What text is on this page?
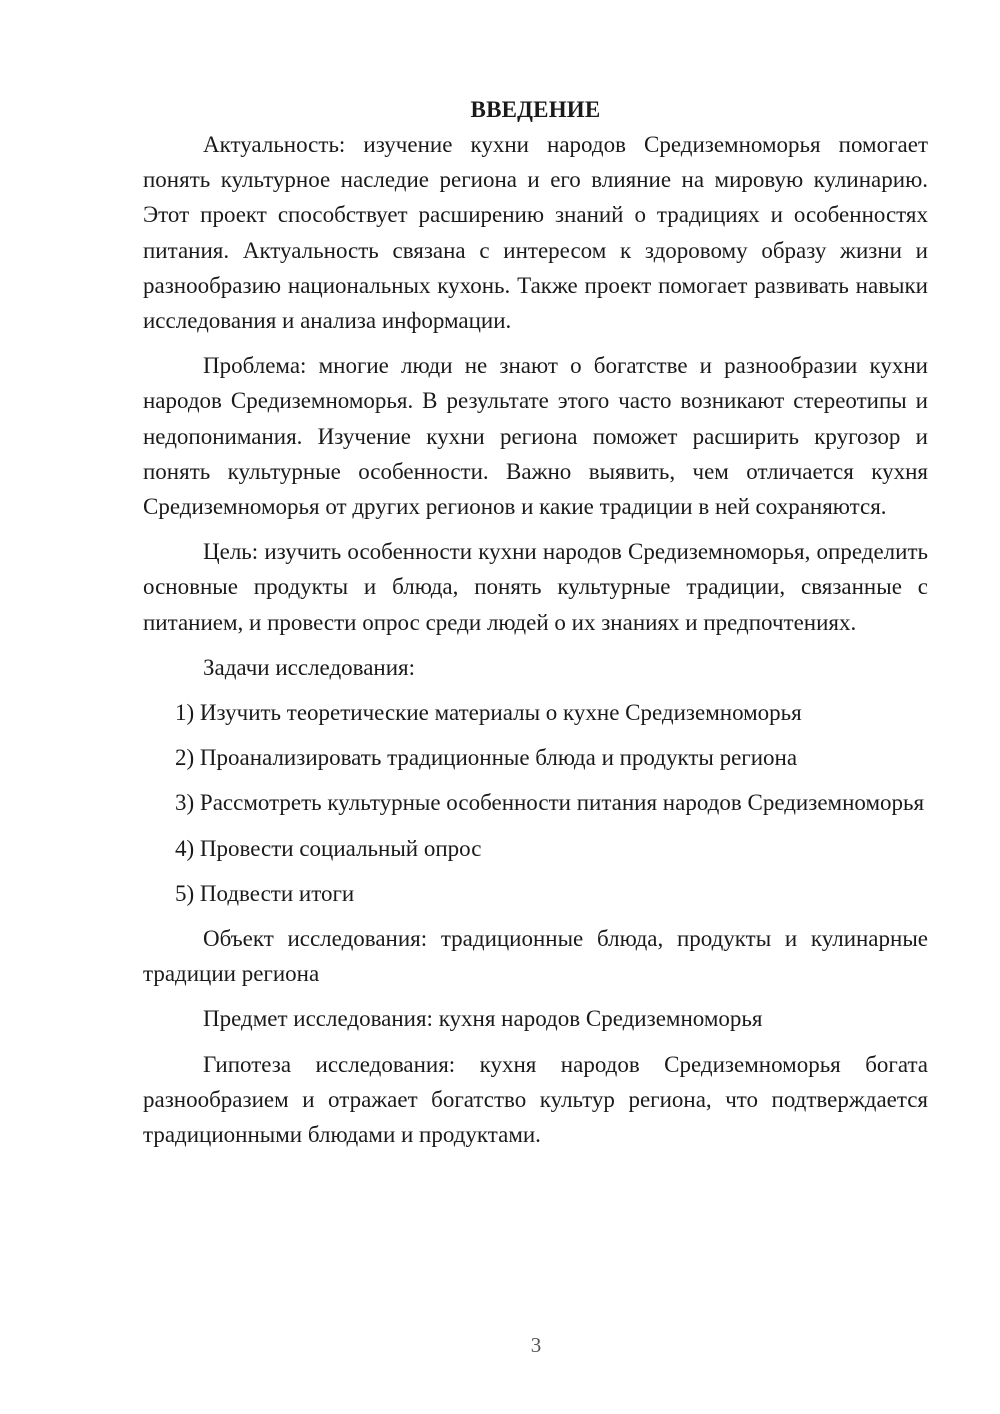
ВВЕДЕНИЕ

Актуальность: изучение кухни народов Средиземноморья помогает понять культурное наследие региона и его влияние на мировую кулинарию. Этот проект способствует расширению знаний о традициях и особенностях питания. Актуальность связана с интересом к здоровому образу жизни и разнообразию национальных кухонь. Также проект помогает развивать навыки исследования и анализа информации.

Проблема: многие люди не знают о богатстве и разнообразии кухни народов Средиземноморья. В результате этого часто возникают стереотипы и недопонимания. Изучение кухни региона поможет расширить кругозор и понять культурные особенности. Важно выявить, чем отличается кухня Средиземноморья от других регионов и какие традиции в ней сохраняются.

Цель: изучить особенности кухни народов Средиземноморья, определить основные продукты и блюда, понять культурные традиции, связанные с питанием, и провести опрос среди людей о их знаниях и предпочтениях.

Задачи исследования:

1) Изучить теоретические материалы о кухне Средиземноморья

2) Проанализировать традиционные блюда и продукты региона

3) Рассмотреть культурные особенности питания народов Средиземноморья

4) Провести социальный опрос

5) Подвести итоги

Объект исследования: традиционные блюда, продукты и кулинарные традиции региона

Предмет исследования: кухня народов Средиземноморья

Гипотеза исследования: кухня народов Средиземноморья богата разнообразием и отражает богатство культур региона, что подтверждается традиционными блюдами и продуктами.

3
